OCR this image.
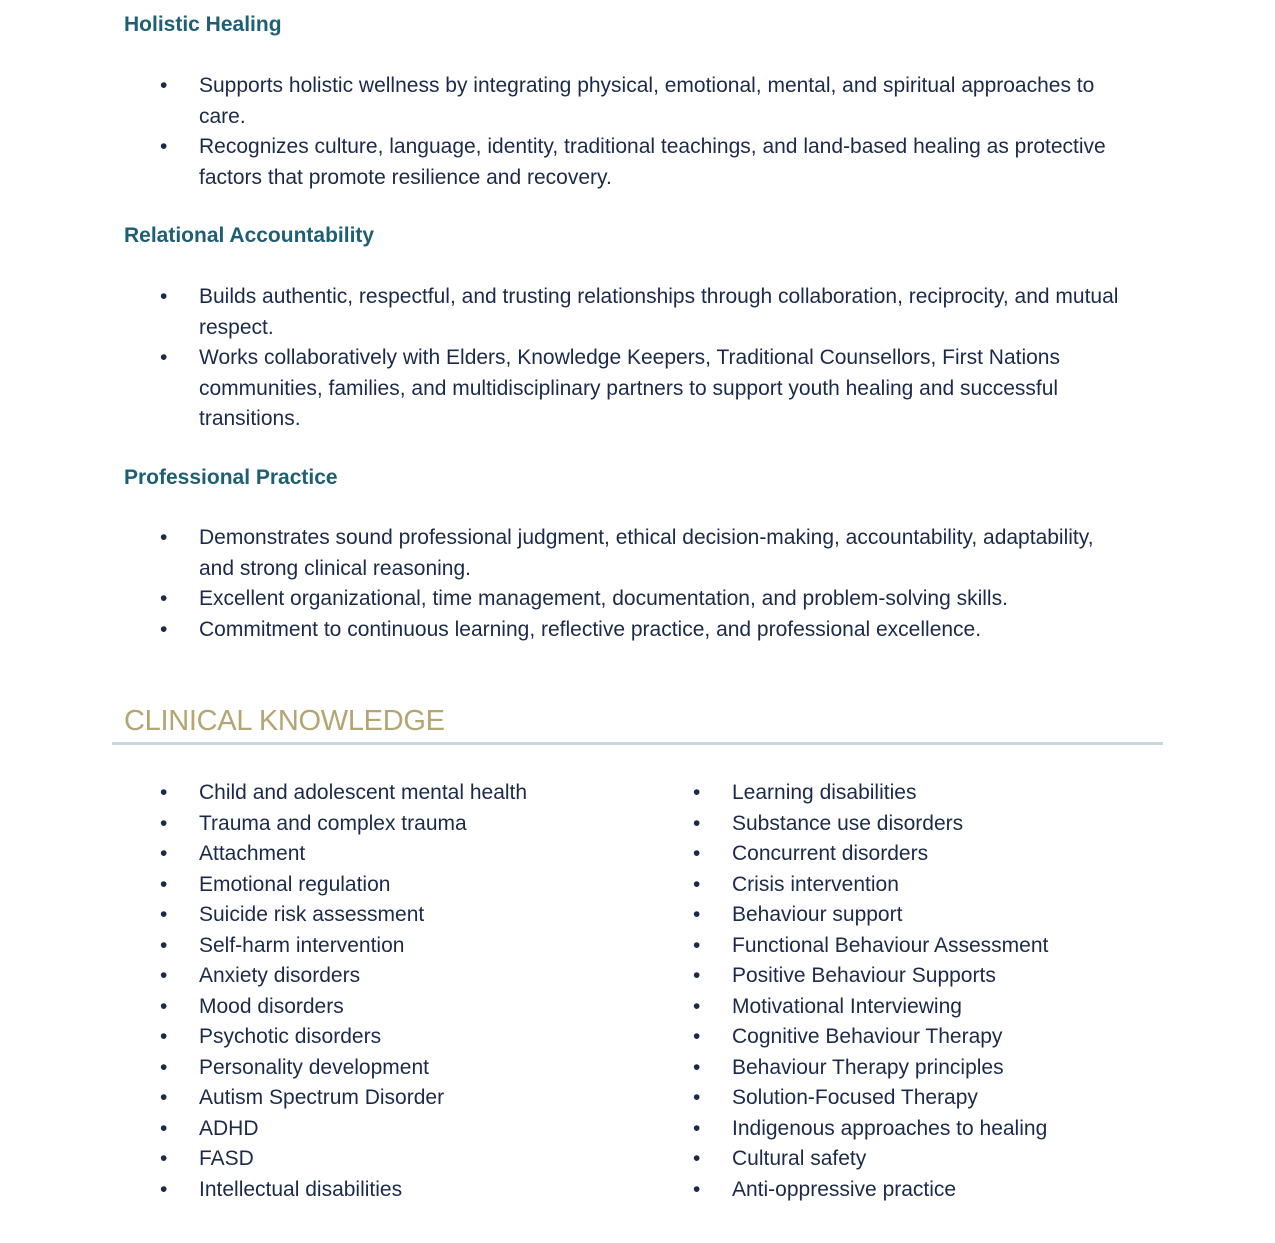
Holistic Healing
• Supports holistic wellness by integrating physical, emotional, mental, and spiritual approaches to care.
• Recognizes culture, language, identity, traditional teachings, and land-based healing as protective factors that promote resilience and recovery.
Relational Accountability
• Builds authentic, respectful, and trusting relationships through collaboration, reciprocity, and mutual respect.
• Works collaboratively with Elders, Knowledge Keepers, Traditional Counsellors, First Nations communities, families, and multidisciplinary partners to support youth healing and successful transitions.
Professional Practice
• Demonstrates sound professional judgment, ethical decision-making, accountability, adaptability, and strong clinical reasoning.
• Excellent organizational, time management, documentation, and problem-solving skills.
• Commitment to continuous learning, reflective practice, and professional excellence.
CLINICAL KNOWLEDGE
• Child and adolescent mental health
• Trauma and complex trauma
• Attachment
• Emotional regulation
• Suicide risk assessment
• Self-harm intervention
• Anxiety disorders
• Mood disorders
• Psychotic disorders
• Personality development
• Autism Spectrum Disorder
• ADHD
• FASD
• Intellectual disabilities
• Learning disabilities
• Substance use disorders
• Concurrent disorders
• Crisis intervention
• Behaviour support
• Functional Behaviour Assessment
• Positive Behaviour Supports
• Motivational Interviewing
• Cognitive Behaviour Therapy
• Behaviour Therapy principles
• Solution-Focused Therapy
• Indigenous approaches to healing
• Cultural safety
• Anti-oppressive practice
